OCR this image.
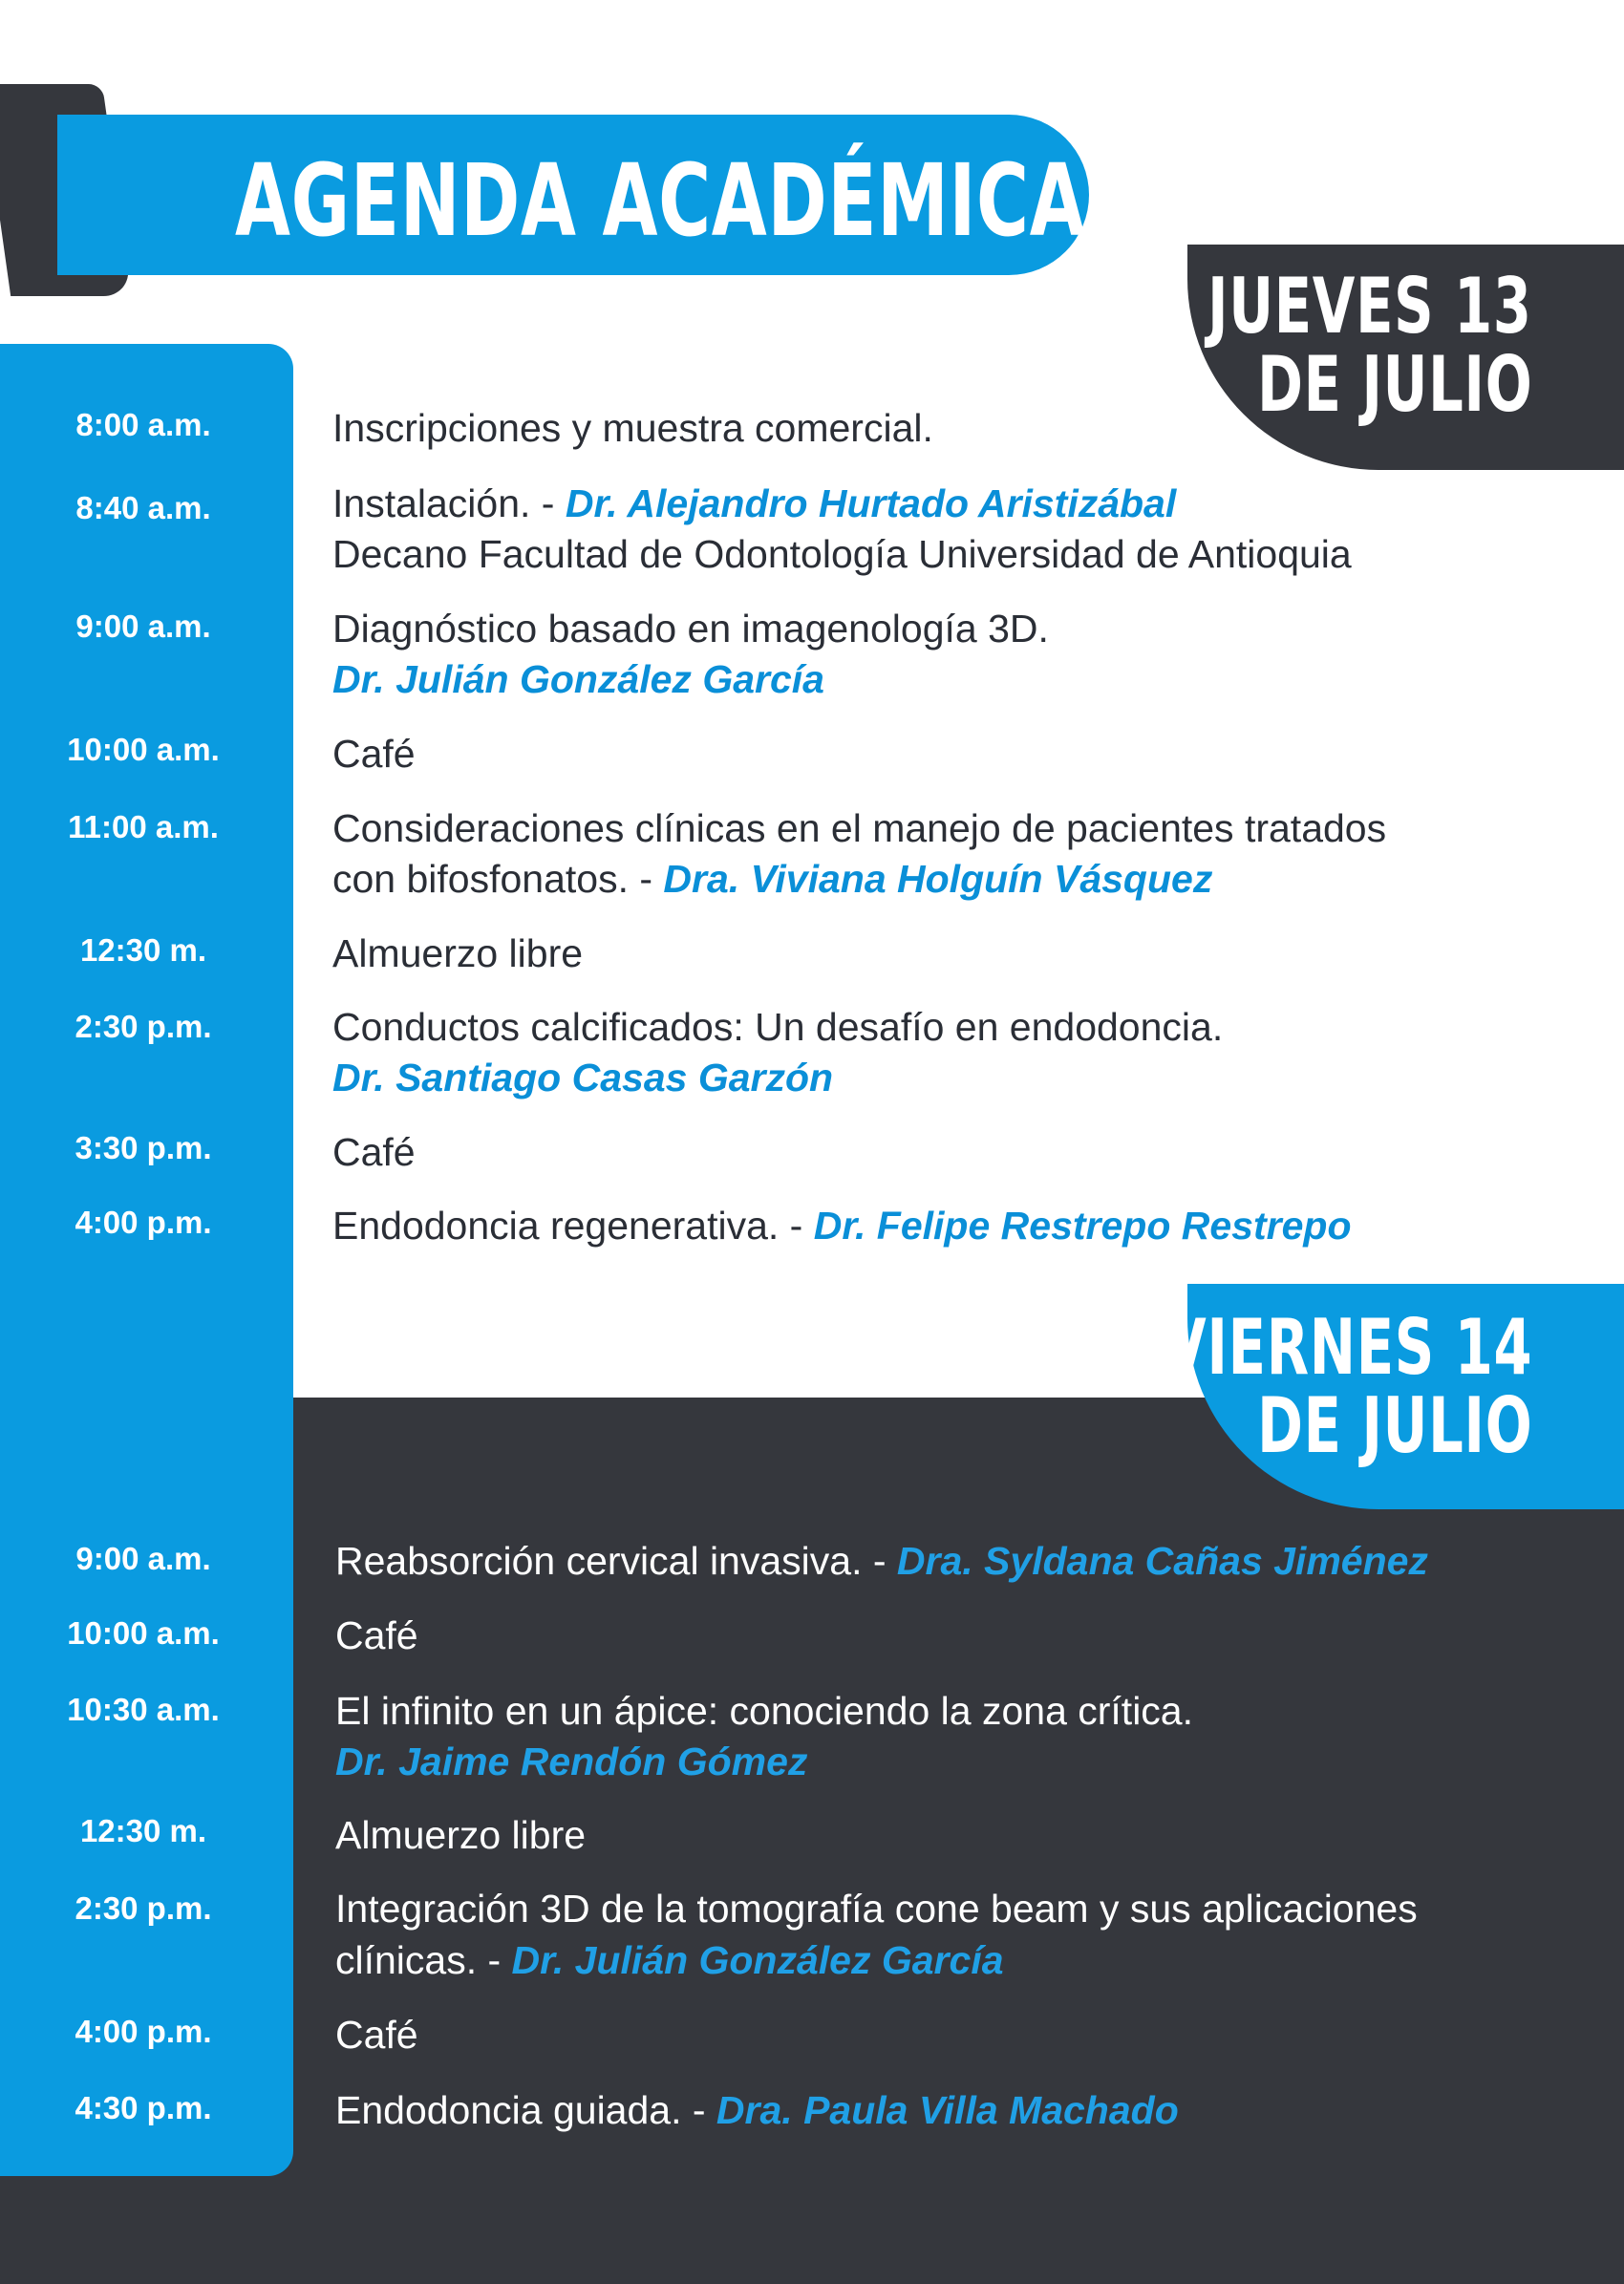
AGENDA ACADÉMICA:
JUEVES 13
DE JULIO
VIERNES 14
DE JULIO
8:00 a.m.	Inscripciones y muestra comercial.
8:40 a.m.	Instalación. - Dr. Alejandro Hurtado Aristizábal
Decano Facultad de Odontología Universidad de Antioquia
9:00 a.m.	Diagnóstico basado en imagenología 3D.
Dr. Julián González García
10:00 a.m.	Café
11:00 a.m.	Consideraciones clínicas en el manejo de pacientes tratados
con bifosfonatos. - Dra. Viviana Holguín Vásquez
12:30 m.	Almuerzo libre
2:30 p.m.	Conductos calcificados: Un desafío en endodoncia.
Dr. Santiago Casas Garzón
3:30 p.m.	Café
4:00 p.m.	Endodoncia regenerativa. - Dr. Felipe Restrepo Restrepo
9:00 a.m.	Reabsorción cervical invasiva. - Dra. Syldana Cañas Jiménez
10:00 a.m.	Café
10:30 a.m.	El infinito en un ápice: conociendo la zona crítica.
Dr. Jaime Rendón Gómez
12:30 m.	Almuerzo libre
2:30 p.m.	Integración 3D de la tomografía cone beam y sus aplicaciones
clínicas. - Dr. Julián González García
4:00 p.m.	Café
4:30 p.m.	Endodoncia guiada. - Dra. Paula Villa Machado
